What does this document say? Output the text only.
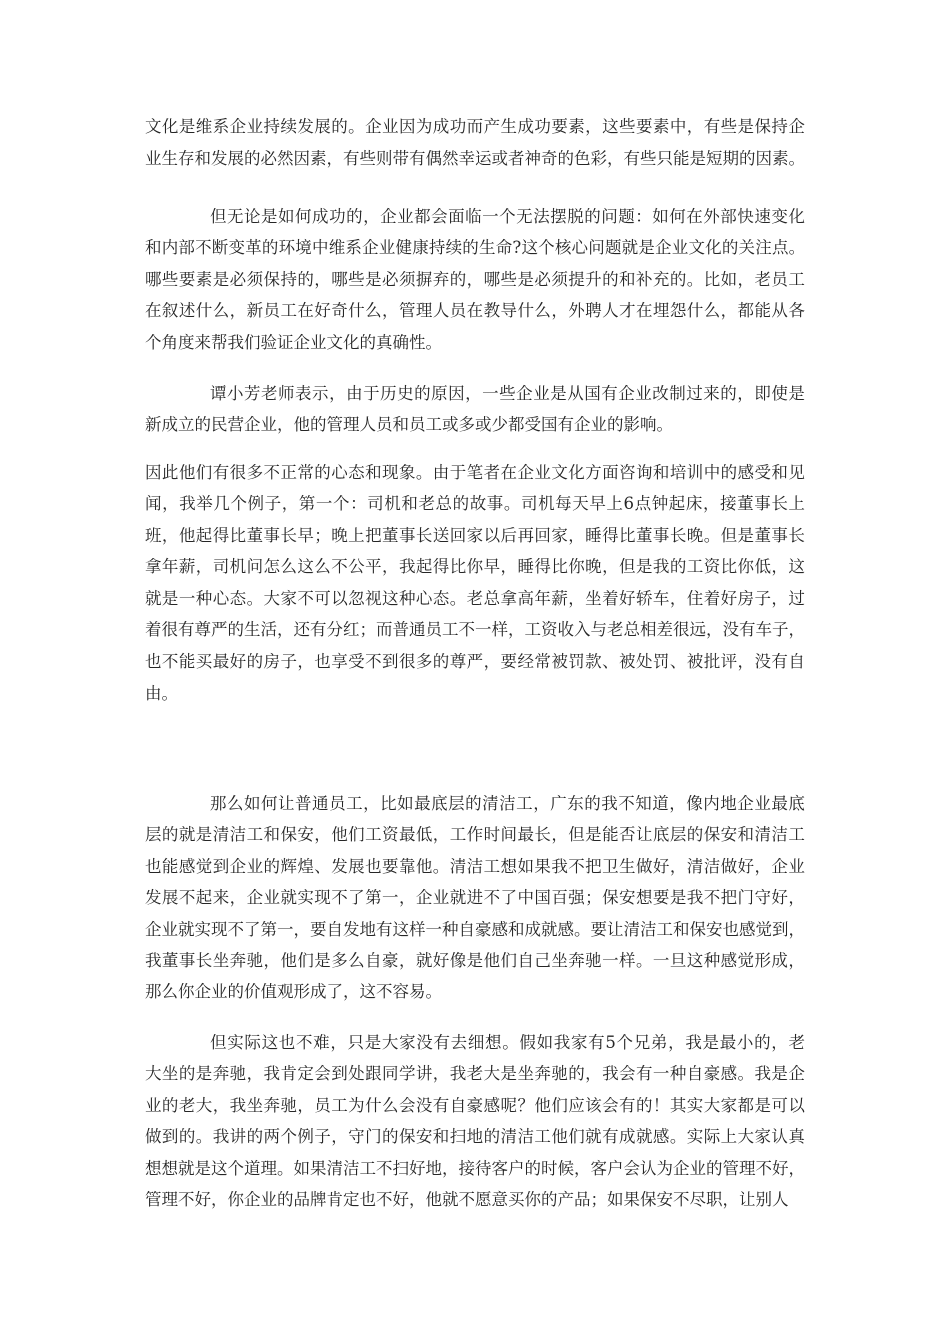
文化是维系企业持续发展的。企业因为成功而产生成功要素，这些要素中，有些是保持企
业生存和发展的必然因素，有些则带有偶然幸运或者神奇的色彩，有些只能是短期的因素。
但无论是如何成功的，企业都会面临一个无法摆脱的问题：如何在外部快速变化
和内部不断变革的环境中维系企业健康持续的生命?这个核心问题就是企业文化的关注点。
哪些要素是必须保持的，哪些是必须摒弃的，哪些是必须提升的和补充的。比如，老员工
在叙述什么，新员工在好奇什么，管理人员在教导什么，外聘人才在埋怨什么，都能从各
个角度来帮我们验证企业文化的真确性。
谭小芳老师表示，由于历史的原因，一些企业是从国有企业改制过来的，即使是
新成立的民营企业，他的管理人员和员工或多或少都受国有企业的影响。
因此他们有很多不正常的心态和现象。由于笔者在企业文化方面咨询和培训中的感受和见
闻，我举几个例子，第一个：司机和老总的故事。司机每天早上6点钟起床，接董事长上
班，他起得比董事长早；晚上把董事长送回家以后再回家，睡得比董事长晚。但是董事长
拿年薪，司机问怎么这么不公平，我起得比你早，睡得比你晚，但是我的工资比你低，这
就是一种心态。大家不可以忽视这种心态。老总拿高年薪，坐着好轿车，住着好房子，过
着很有尊严的生活，还有分红；而普通员工不一样，工资收入与老总相差很远，没有车子，
也不能买最好的房子，也享受不到很多的尊严，要经常被罚款、被处罚、被批评，没有自
由。
那么如何让普通员工，比如最底层的清洁工，广东的我不知道，像内地企业最底
层的就是清洁工和保安，他们工资最低，工作时间最长，但是能否让底层的保安和清洁工
也能感觉到企业的辉煌、发展也要靠他。清洁工想如果我不把卫生做好，清洁做好，企业
发展不起来，企业就实现不了第一，企业就进不了中国百强；保安想要是我不把门守好，
企业就实现不了第一，要自发地有这样一种自豪感和成就感。要让清洁工和保安也感觉到，
我董事长坐奔驰，他们是多么自豪，就好像是他们自己坐奔驰一样。一旦这种感觉形成，
那么你企业的价值观形成了，这不容易。
但实际这也不难，只是大家没有去细想。假如我家有5个兄弟，我是最小的，老
大坐的是奔驰，我肯定会到处跟同学讲，我老大是坐奔驰的，我会有一种自豪感。我是企
业的老大，我坐奔驰，员工为什么会没有自豪感呢？他们应该会有的！其实大家都是可以
做到的。我讲的两个例子，守门的保安和扫地的清洁工他们就有成就感。实际上大家认真
想想就是这个道理。如果清洁工不扫好地，接待客户的时候，客户会认为企业的管理不好，
管理不好，你企业的品牌肯定也不好，他就不愿意买你的产品；如果保安不尽职，让别人
